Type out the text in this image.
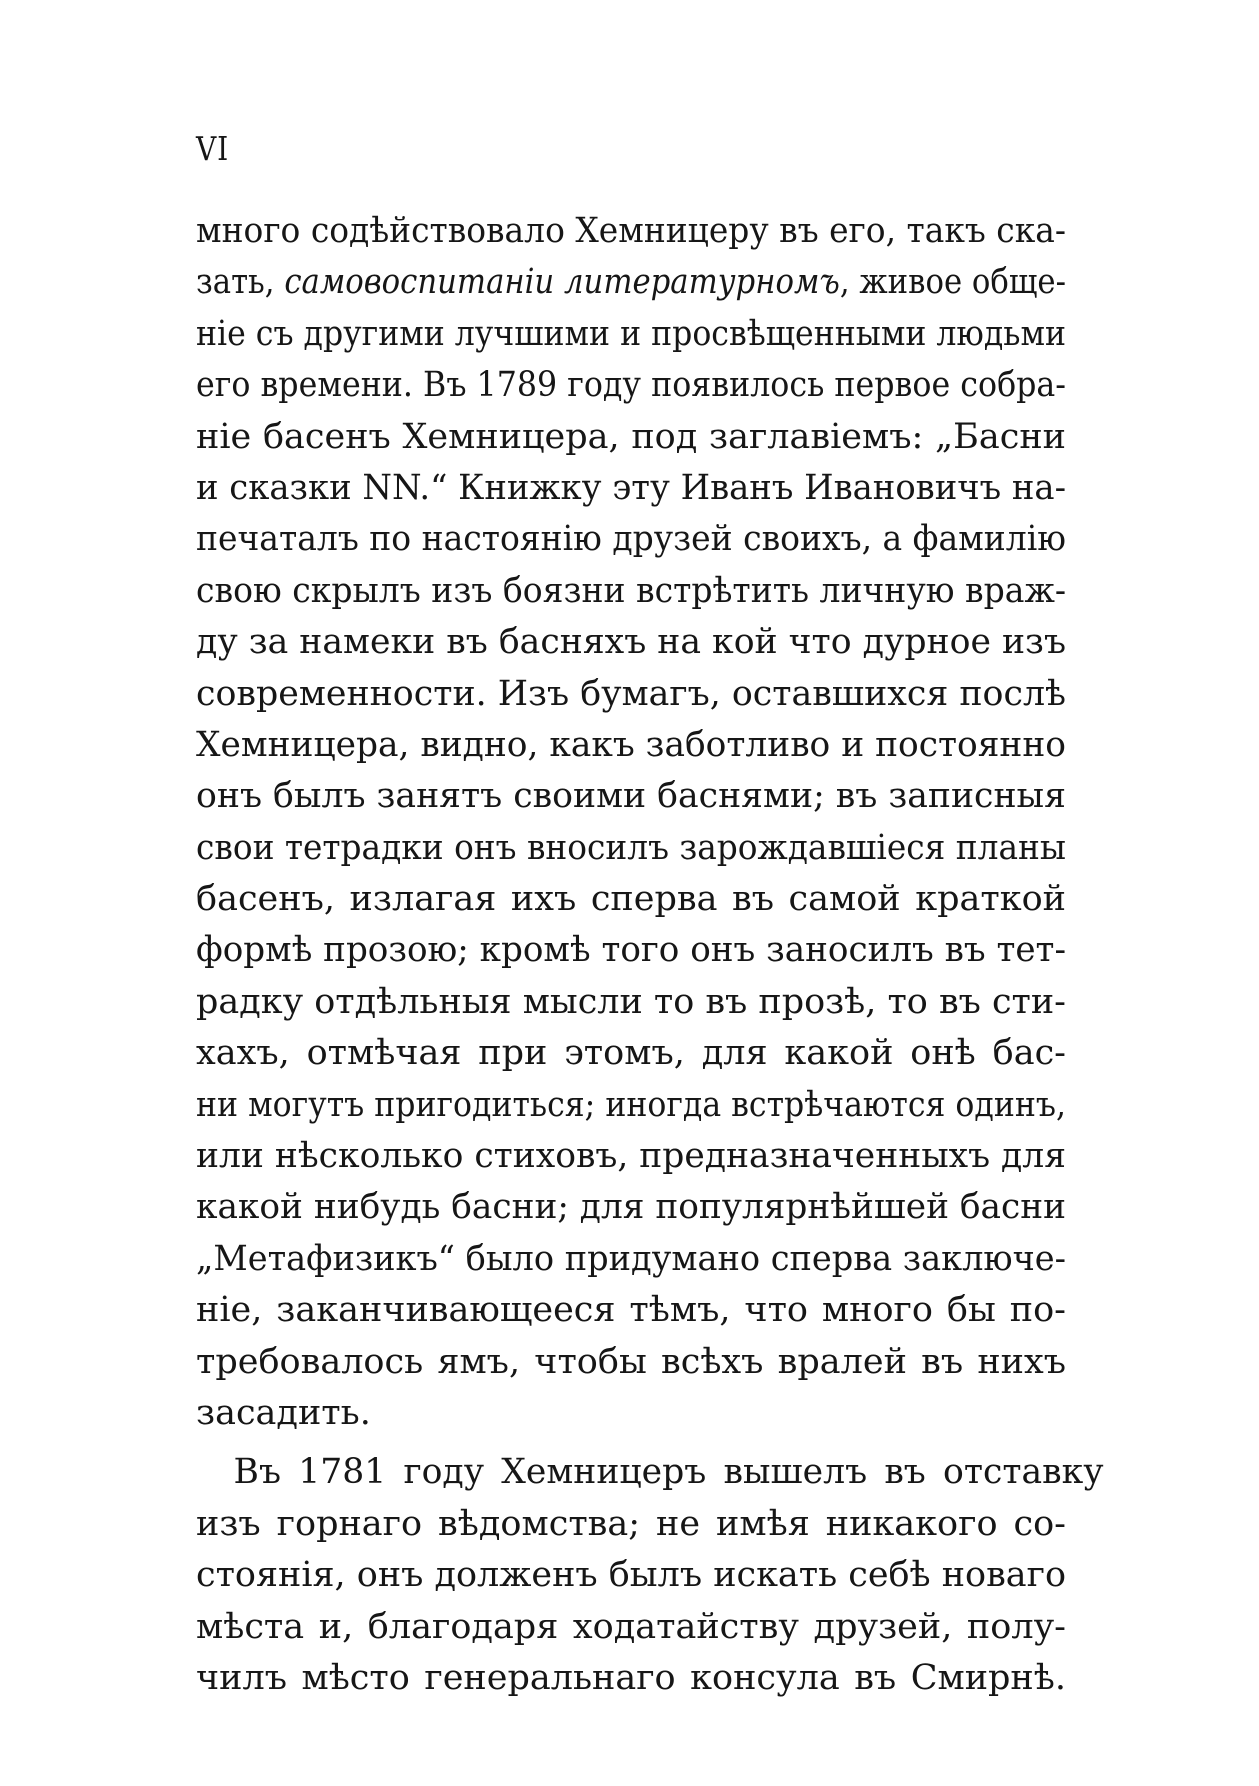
VI
много содѣйствовало Хемницеру въ его, такъ ска-
зать, самовоспитанiи литературномъ, живое обще-
нiе съ другими лучшими и просвѣщенными людьми
его времени. Въ 1789 году появилось первое собра-
нiе басенъ Хемницера, под заглавiемъ: „Басни
и сказки NN.“ Книжку эту Иванъ Ивановичъ на-
печаталъ по настоянiю друзей своихъ, а фамилiю
свою скрылъ изъ боязни встрѣтить личную враж-
ду за намеки въ басняхъ на кой что дурное изъ
современности. Изъ бумагъ, оставшихся послѣ
Хемницера, видно, какъ заботливо и постоянно
онъ былъ занятъ своими баснями; въ записныя
свои тетрадки онъ вносилъ зарождавшiеся планы
басенъ, излагая ихъ сперва въ самой краткой
формѣ прозою; кромѣ того онъ заносилъ въ тет-
радку отдѣльныя мысли то въ прозѣ, то въ сти-
хахъ, отмѣчая при этомъ, для какой онѣ бас-
ни могутъ пригодиться; иногда встрѣчаются одинъ,
или нѣсколько стиховъ, предназначенныхъ для
какой нибудь басни; для популярнѣйшей басни
„Метафизикъ“ было придумано сперва заключе-
нiе, заканчивающееся тѣмъ, что много бы по-
требовалось ямъ, чтобы всѣхъ вралей въ нихъ
засадить.
Въ 1781 году Хемницеръ вышелъ въ отставку
изъ горнаго вѣдомства; не имѣя никакого со-
стоянiя, онъ долженъ былъ искать себѣ новаго
мѣста и, благодаря ходатайству друзей, полу-
чилъ мѣсто генеральнаго консула въ Смирнѣ.
